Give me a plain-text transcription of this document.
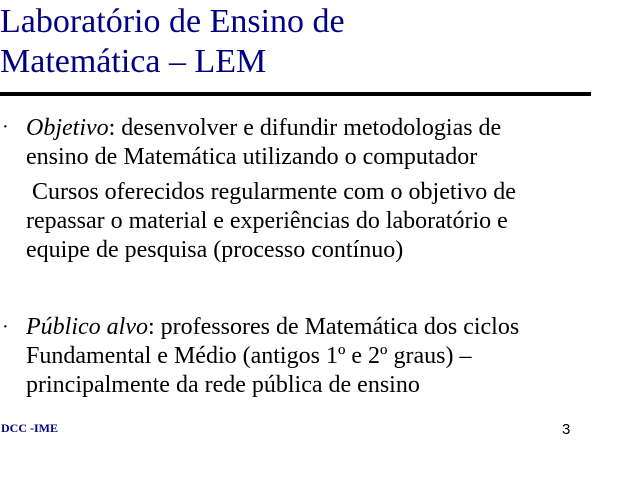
Laboratório de Ensino de
Matemática – LEM
· Objetivo: desenvolver e difundir metodologias de
ensino de Matemática utilizando o computador
Cursos oferecidos regularmente com o objetivo de
repassar o material e experiências do laboratório e
equipe de pesquisa (processo contínuo)
· Público alvo: professores de Matemática dos ciclos
Fundamental e Médio (antigos 1º e 2º graus) –
principalmente da rede pública de ensino
DCC -IME	3
